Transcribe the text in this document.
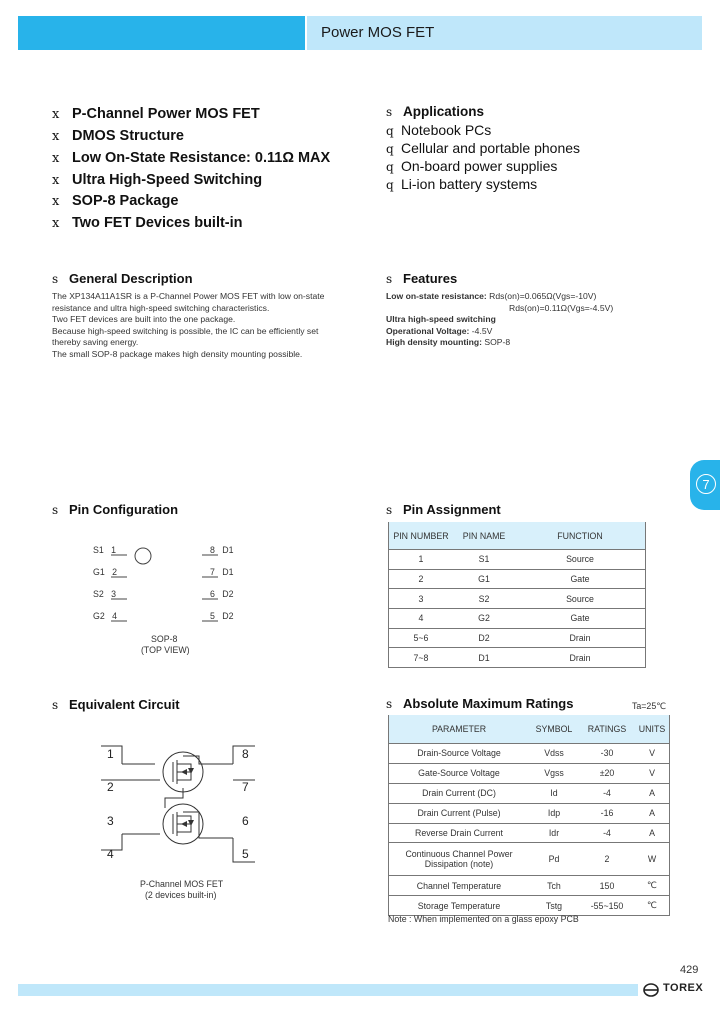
Power MOS FET
x P-Channel Power MOS FET
x DMOS Structure
x Low On-State Resistance: 0.11Ω MAX
x Ultra High-Speed Switching
x SOP-8 Package
x Two FET Devices built-in
s Applications
q Notebook PCs
q Cellular and portable phones
q On-board power supplies
q Li-ion battery systems
s General Description
The XP134A11A1SR is a P-Channel Power MOS FET with low on-state
resistance and ultra high-speed switching characteristics.
Two FET devices are built into the one package.
Because high-speed switching is possible, the IC can be efficiently set
thereby saving energy.
The small SOP-8 package makes high density mounting possible.
s Features
Low on-state resistance: Rds(on)=0.065Ω(Vgs=-10V)
Rds(on)=0.11Ω(Vgs=-4.5V)
Ultra high-speed switching
Operational Voltage: -4.5V
High density mounting: SOP-8
7
s Pin Configuration
S1 1
G1 2
S2 3
G2 4
8 D1
7 D1
6 D2
5 D2
SOP-8
(TOP VIEW)
s Pin Assignment
PIN NUMBER	PIN NAME	FUNCTION
1	S1	Source
2	G1	Gate
3	S2	Source
4	G2	Gate
5~6	D2	Drain
7~8	D1	Drain
s Equivalent Circuit
1
2
3
4
8
7
6
5
P-Channel MOS FET
(2 devices built-in)
s Absolute Maximum Ratings	Ta=25℃
PARAMETER	SYMBOL	RATINGS	UNITS
Drain-Source Voltage	Vdss	-30	V
Gate-Source Voltage	Vgss	±20	V
Drain Current (DC)	Id	-4	A
Drain Current (Pulse)	Idp	-16	A
Reverse Drain Current	Idr	-4	A
Continuous Channel Power Dissipation (note)	Pd	2	W
Channel Temperature	Tch	150	℃
Storage Temperature	Tstg	-55~150	℃
Note : When implemented on a glass epoxy PCB
429
TOREX
